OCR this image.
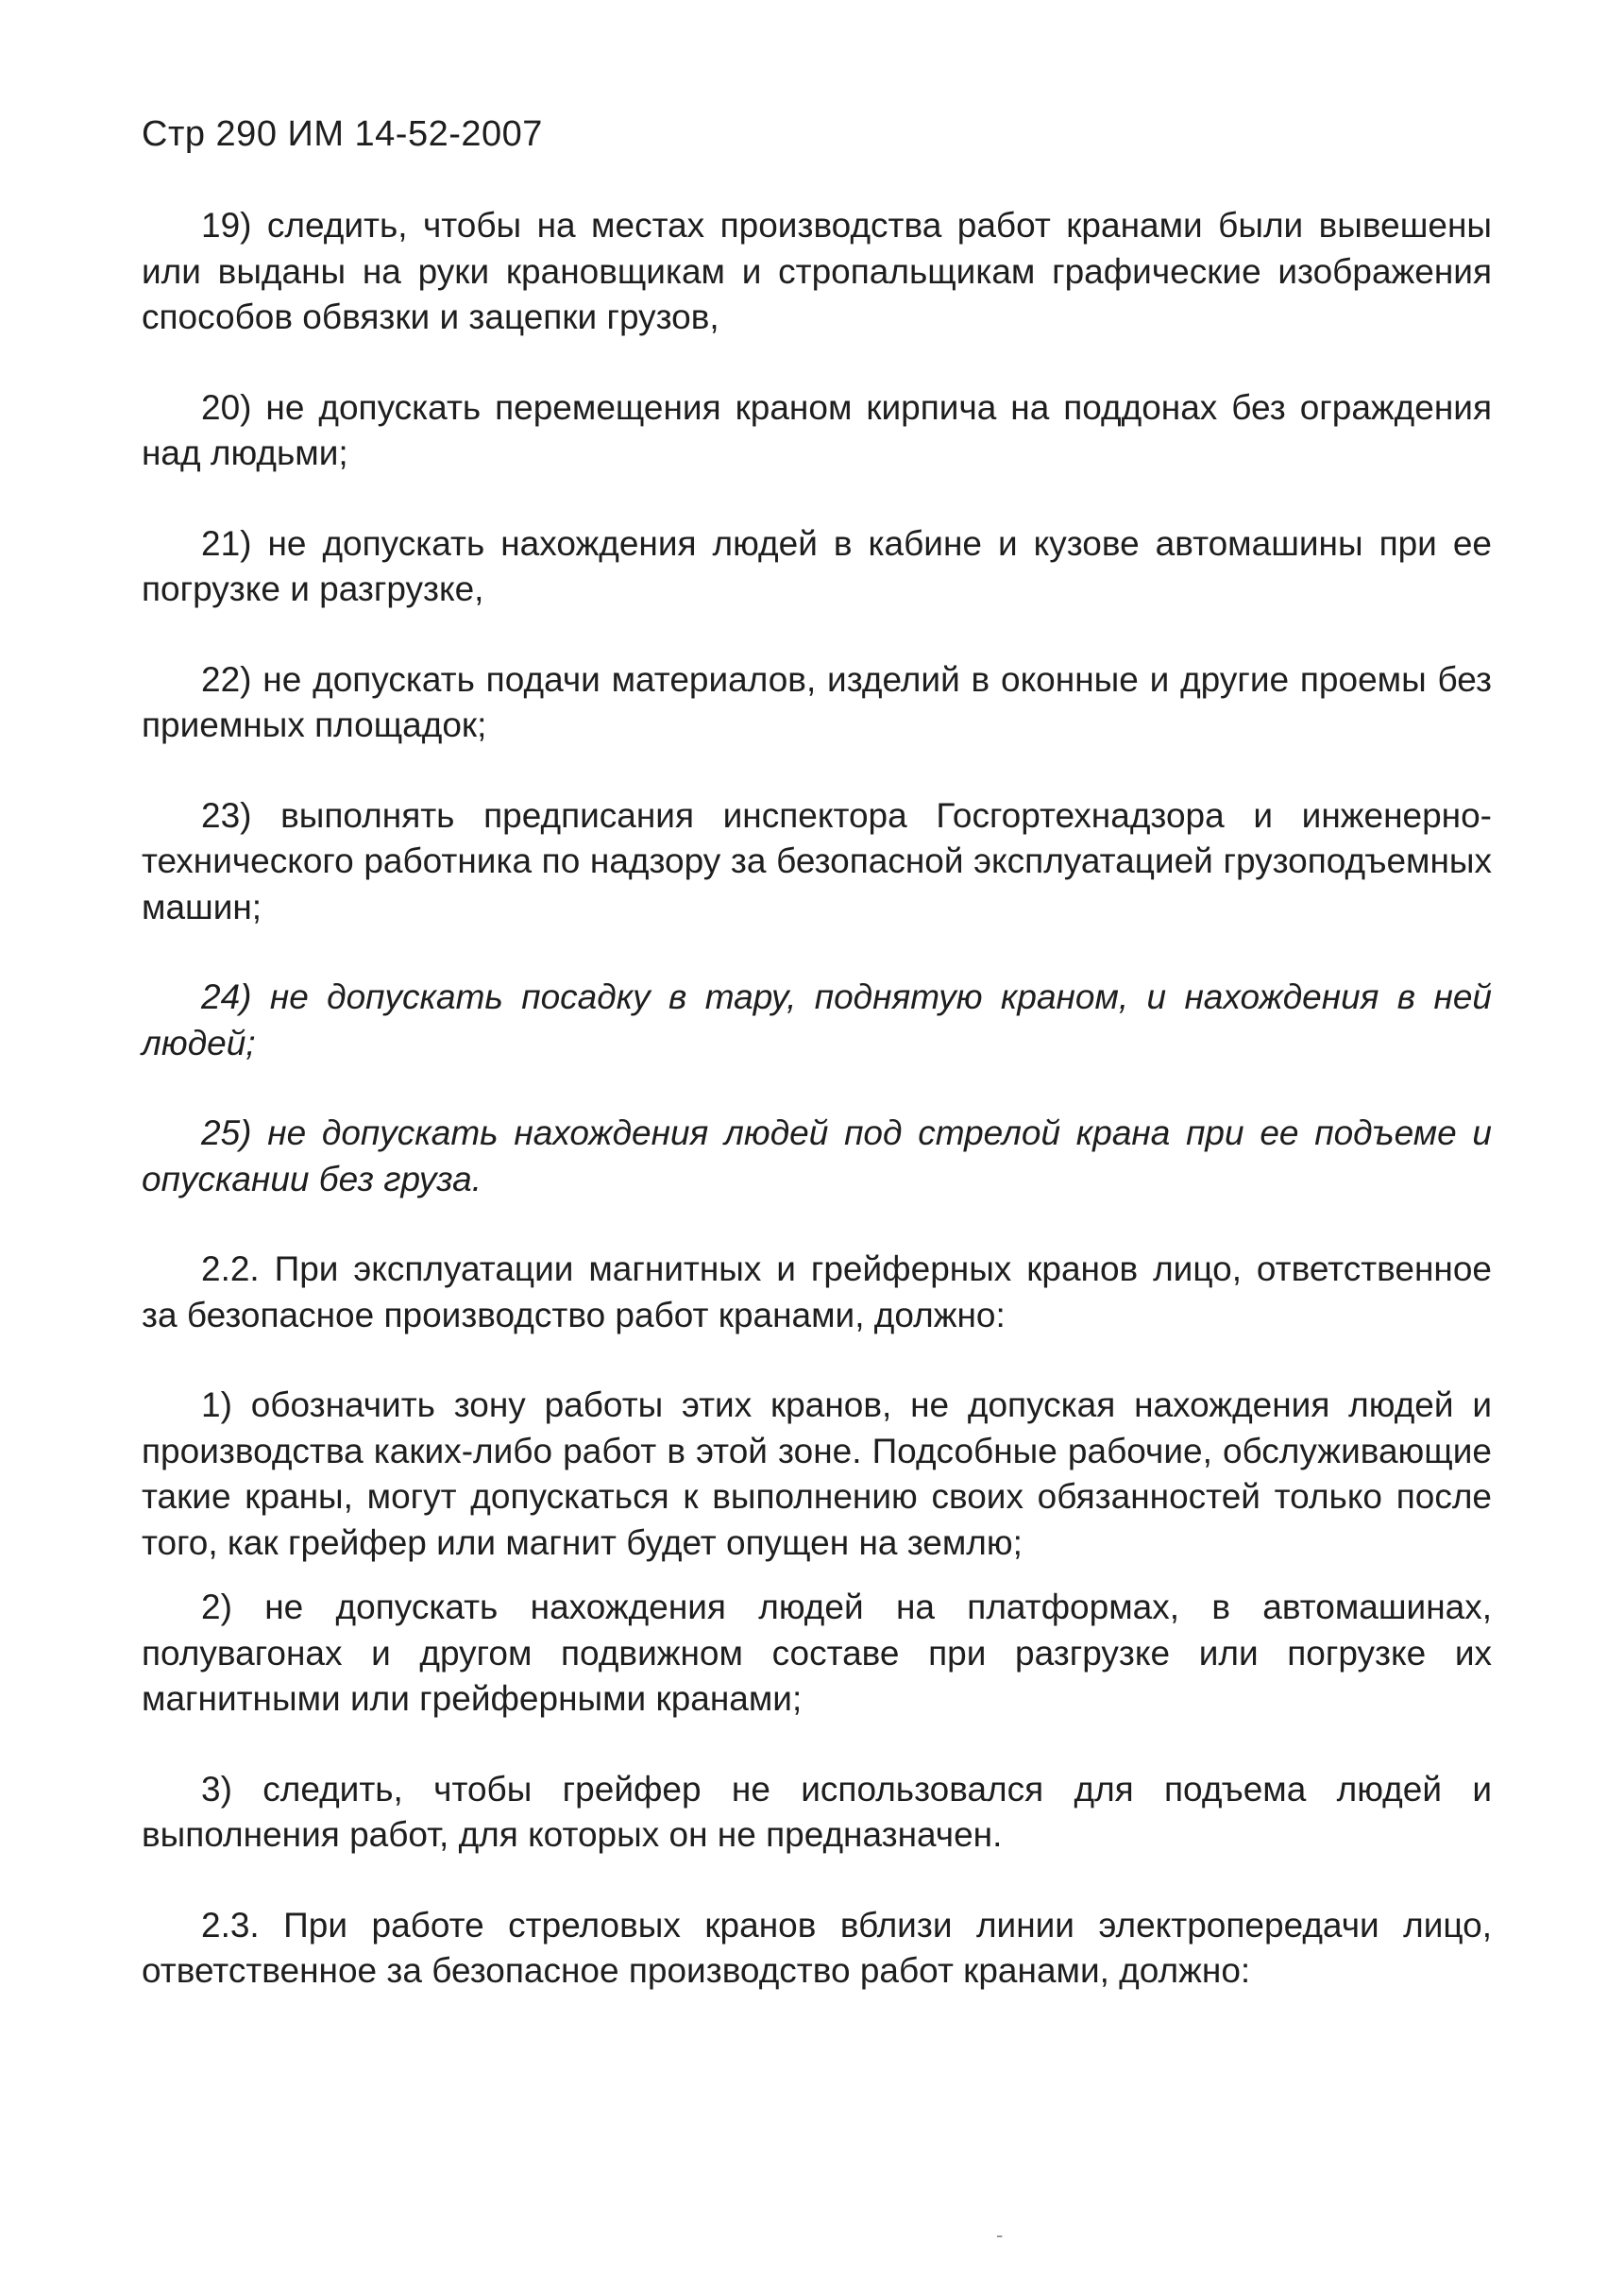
Стр 290 ИМ 14-52-2007

19) следить, чтобы на местах производства работ кранами были вывешены или выданы на руки крановщикам и стропальщикам графические изображения способов обвязки и зацепки грузов,

20) не допускать перемещения краном кирпича на поддонах без ограждения над людьми;

21) не допускать нахождения людей в кабине и кузове автомашины при ее погрузке и разгрузке,

22) не допускать подачи материалов, изделий в оконные и другие проемы без приемных площадок;

23) выполнять предписания инспектора Госгортехнадзора и инженерно-технического работника по надзору за безопасной эксплуатацией грузоподъемных машин;

24) не допускать посадку в тару, поднятую краном, и нахождения в ней людей;

25) не допускать нахождения людей под стрелой крана при ее подъеме и опускании без груза.

2.2. При эксплуатации магнитных и грейферных кранов лицо, ответственное за безопасное производство работ кранами, должно:

1) обозначить зону работы этих кранов, не допуская нахождения людей и производства каких-либо работ в этой зоне. Подсобные рабочие, обслуживающие такие краны, могут допускаться к выполнению своих обязанностей только после того, как грейфер или магнит будет опущен на землю;

2) не допускать нахождения людей на платформах, в автомашинах, полувагонах и другом подвижном составе при разгрузке или погрузке их магнитными или грейферными кранами;

3) следить, чтобы грейфер не использовался для подъема людей и выполнения работ, для которых он не предназначен.

2.3. При работе стреловых кранов вблизи линии электропередачи лицо, ответственное за безопасное производство работ кранами, должно:

-
